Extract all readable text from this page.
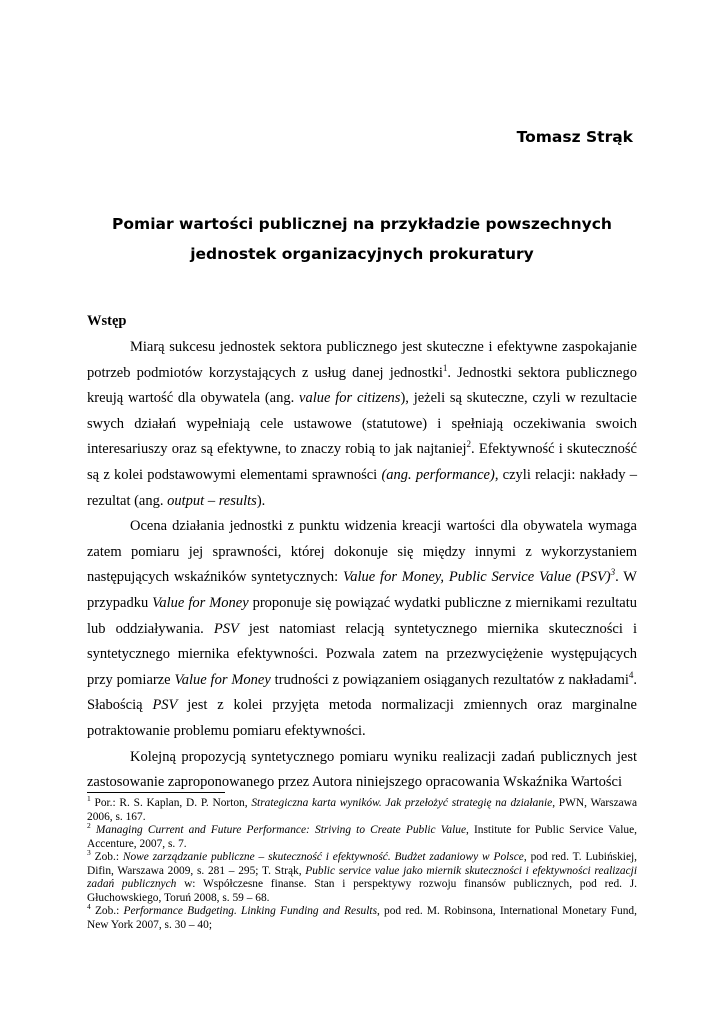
Tomasz Strąk
Pomiar wartości publicznej na przykładzie powszechnych
jednostek organizacyjnych prokuratury
Wstęp

Miarą sukcesu jednostek sektora publicznego jest skuteczne i efektywne zaspokajanie potrzeb podmiotów korzystających z usług danej jednostki$^1$. Jednostki sektora publicznego kreują wartość dla obywatela (ang. value for citizens), jeżeli są skuteczne, czyli w rezultacie swych działań wypełniają cele ustawowe (statutowe) i spełniają oczekiwania swoich interesariuszy oraz są efektywne, to znaczy robią to jak najtaniej$^2$. Efektywność i skuteczność są z kolei podstawowymi elementami sprawności (ang. performance), czyli relacji: nakłady – rezultat (ang. output – results).

Ocena działania jednostki z punktu widzenia kreacji wartości dla obywatela wymaga zatem pomiaru jej sprawności, której dokonuje się między innymi z wykorzystaniem następujących wskaźników syntetycznych: Value for Money, Public Service Value (PSV)$^3$. W przypadku Value for Money proponuje się powiązać wydatki publiczne z miernikami rezultatu lub oddziaływania. PSV jest natomiast relacją syntetycznego miernika skuteczności i syntetycznego miernika efektywności. Pozwala zatem na przezwyciężenie występujących przy pomiarze Value for Money trudności z powiązaniem osiąganych rezultatów z nakładami$^4$. Słabością PSV jest z kolei przyjęta metoda normalizacji zmiennych oraz marginalne potraktowanie problemu pomiaru efektywności.

Kolejną propozycją syntetycznego pomiaru wyniku realizacji zadań publicznych jest zastosowanie zaproponowanego przez Autora niniejszego opracowania Wskaźnika Wartości

$^1$ Por.: R. S. Kaplan, D. P. Norton, Strategiczna karta wyników. Jak przełożyć strategię na działanie, PWN, Warszawa 2006, s. 167.
$^2$ Managing Current and Future Performance: Striving to Create Public Value, Institute for Public Service Value, Accenture, 2007, s. 7.
$^3$ Zob.: Nowe zarządzanie publiczne – skuteczność i efektywność. Budżet zadaniowy w Polsce, pod red. T. Lubińskiej, Difin, Warszawa 2009, s. 281 – 295; T. Strąk, Public service value jako miernik skuteczności i efektywności realizacji zadań publicznych w: Współczesne finanse. Stan i perspektywy rozwoju finansów publicznych, pod red. J. Głuchowskiego, Toruń 2008, s. 59 – 68.
$^4$ Zob.: Performance Budgeting. Linking Funding and Results, pod red. M. Robinsona, International Monetary Fund, New York 2007, s. 30 – 40;
